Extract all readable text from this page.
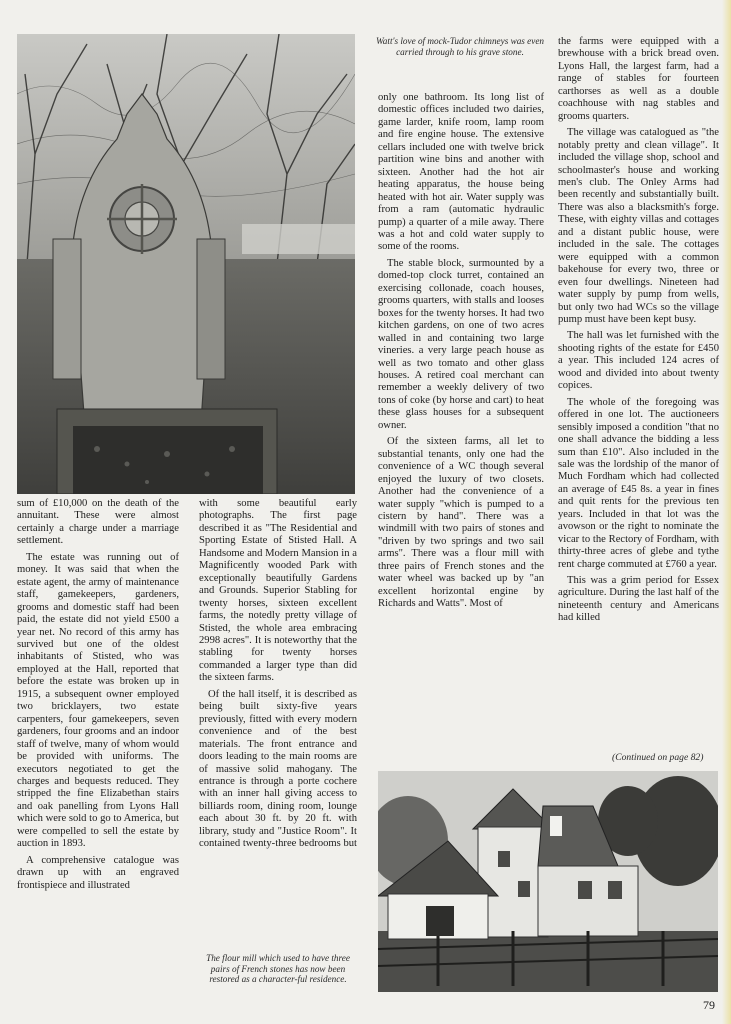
Watt's love of mock-Tudor chimneys was even carried through to his grave stone.

sum of £10,000 on the death of the annuitant. These were almost certainly a charge under a marriage settlement.

The estate was running out of money. It was said that when the estate agent, the army of maintenance staff, gamekeepers, gardeners, grooms and domestic staff had been paid, the estate did not yield £500 a year net. No record of this army has survived but one of the oldest inhabitants of Stisted, who was employed at the Hall, reported that before the estate was broken up in 1915, a subsequent owner employed two bricklayers, two estate carpenters, four gamekeepers, seven gardeners, four grooms and an indoor staff of twelve, many of whom would be provided with uniforms. The executors negotiated to get the charges and bequests reduced. They stripped the fine Elizabethan stairs and oak panelling from Lyons Hall which were sold to go to America, but were compelled to sell the estate by auction in 1893.

A comprehensive catalogue was drawn up with an engraved frontispiece and illustrated

with some beautiful early photographs. The first page described it as "The Residential and Sporting Estate of Stisted Hall. A Handsome and Modern Mansion in a Magnificently wooded Park with exceptionally beautifully Gardens and Grounds. Superior Stabling for twenty horses, sixteen excellent farms, the notedly pretty village of Stisted, the whole area embracing 2998 acres". It is noteworthy that the stabling for twenty horses commanded a larger type than did the sixteen farms.

Of the hall itself, it is described as being built sixty-five years previously, fitted with every modern convenience and of the best materials. The front entrance and doors leading to the main rooms are of massive solid mahogany. The entrance is through a porte cochere with an inner hall giving access to billiards room, dining room, lounge each about 30 ft. by 20 ft. with library, study and "Justice Room". It contained twenty-three bedrooms but

The flour mill which used to have three pairs of French stones has now been restored as a character-ful residence.

only one bathroom. Its long list of domestic offices included two dairies, game larder, knife room, lamp room and fire engine house. The extensive cellars included one with twelve brick partition wine bins and another with sixteen. Another had the hot air heating apparatus, the house being heated with hot air. Water supply was from a ram (automatic hydraulic pump) a quarter of a mile away. There was a hot and cold water supply to some of the rooms.

The stable block, surmounted by a domed-top clock turret, contained an exercising collonade, coach houses, grooms quarters, with stalls and looses boxes for the twenty horses. It had two kitchen gardens, on one of two acres walled in and containing two large vineries. a very large peach house as well as two tomato and other glass houses. A retired coal merchant can remember a weekly delivery of two tons of coke (by horse and cart) to heat these glass houses for a subsequent owner.

Of the sixteen farms, all let to substantial tenants, only one had the convenience of a WC though several enjoyed the luxury of two closets. Another had the convenience of a water supply "which is pumped to a cistern by hand". There was a windmill with two pairs of stones and "driven by two springs and two sail arms". There was a flour mill with three pairs of French stones and the water wheel was backed up by "an excellent horizontal engine by Richards and Watts". Most of

the farms were equipped with a brewhouse with a brick bread oven. Lyons Hall, the largest farm, had a range of stables for fourteen carthorses as well as a double coachhouse with nag stables and grooms quarters.

The village was catalogued as "the notably pretty and clean village". It included the village shop, school and schoolmaster's house and working men's club. The Onley Arms had been recently and substantially built. There was also a blacksmith's forge. These, with eighty villas and cottages and a distant public house, were included in the sale. The cottages were equipped with a common bakehouse for every two, three or even four dwellings. Nineteen had water supply by pump from wells, but only two had WCs so the village pump must have been kept busy.

The hall was let furnished with the shooting rights of the estate for £450 a year. This included 124 acres of wood and divided into about twenty copices.

The whole of the foregoing was offered in one lot. The auctioneers sensibly imposed a condition "that no one shall advance the bidding a less sum than £10". Also included in the sale was the lordship of the manor of Much Fordham which had collected an average of £45 8s. a year in fines and quit rents for the previous ten years. Included in that lot was the avowson or the right to nominate the vicar to the Rectory of Fordham, with thirty-three acres of glebe and tythe rent charge commuted at £760 a year.

This was a grim period for Essex agriculture. During the last half of the nineteenth century and Americans had killed

(Continued on page 82)
79
